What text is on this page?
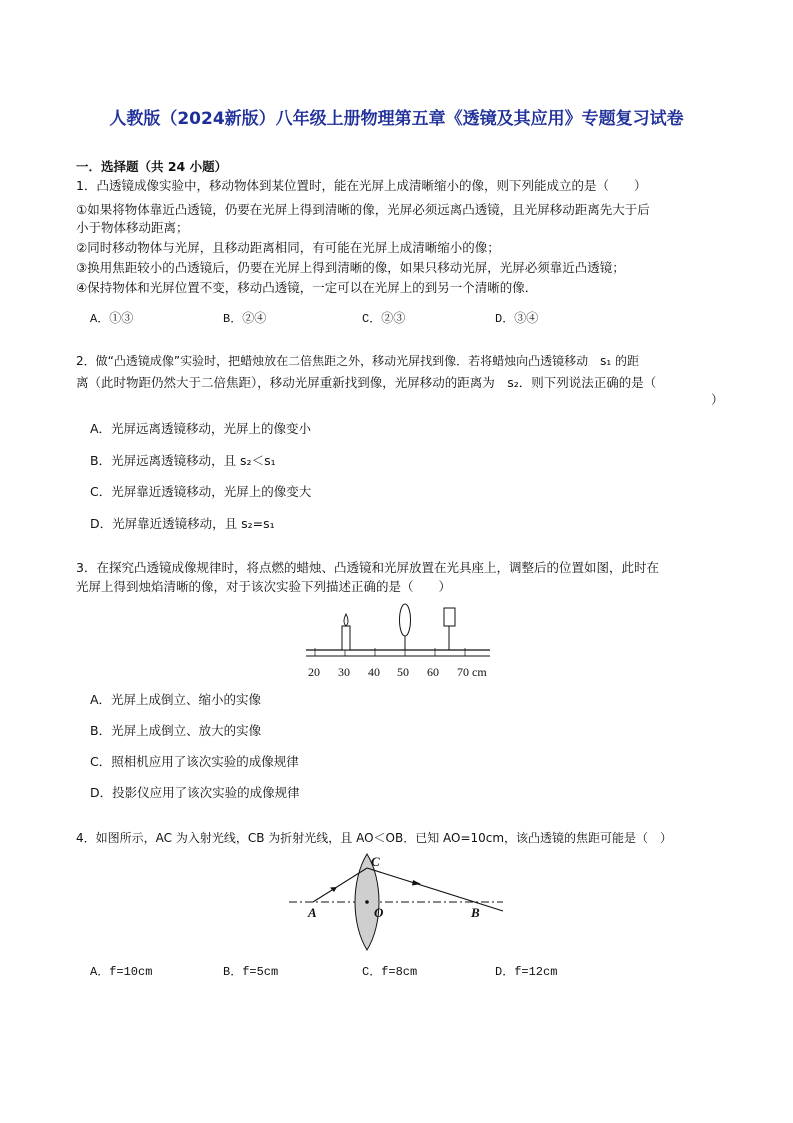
人教版（2024新版）八年级上册物理第五章《透镜及其应用》专题复习试卷
一．选择题（共 24 小题）
1．凸透镜成像实验中，移动物体到某位置时，能在光屏上成清晰缩小的像，则下列能成立的是（　　）
①如果将物体靠近凸透镜，仍要在光屏上得到清晰的像，光屏必须远离凸透镜，且光屏移动距离先大于后
小于物体移动距离；
②同时移动物体与光屏，且移动距离相同，有可能在光屏上成清晰缩小的像；
③换用焦距较小的凸透镜后，仍要在光屏上得到清晰的像，如果只移动光屏，光屏必须靠近凸透镜；
④保持物体和光屏位置不变，移动凸透镜，一定可以在光屏上的到另一个清晰的像．
A．①③	B．②④	C．②③	D．③④
2．做“凸透镜成像”实验时，把蜡烛放在二倍焦距之外，移动光屏找到像．若将蜡烛向凸透镜移动　s₁ 的距
离（此时物距仍然大于二倍焦距），移动光屏重新找到像，光屏移动的距离为　s₂．则下列说法正确的是（
）
A．光屏远离透镜移动，光屏上的像变小
B．光屏远离透镜移动，且 s₂＜s₁
C．光屏靠近透镜移动，光屏上的像变大
D．光屏靠近透镜移动，且 s₂=s₁
3．在探究凸透镜成像规律时，将点燃的蜡烛、凸透镜和光屏放置在光具座上，调整后的位置如图，此时在
光屏上得到烛焰清晰的像，对于该次实验下列描述正确的是（　　）
20 30 40 50 60 70 cm
A．光屏上成倒立、缩小的实像
B．光屏上成倒立、放大的实像
C．照相机应用了该次实验的成像规律
D．投影仪应用了该次实验的成像规律
4．如图所示，AC 为入射光线，CB 为折射光线，且 AO＜OB．已知 AO=10cm，该凸透镜的焦距可能是（　）
A	O	B
C
A．f=10cm	B．f=5cm	C．f=8cm	D．f=12cm
